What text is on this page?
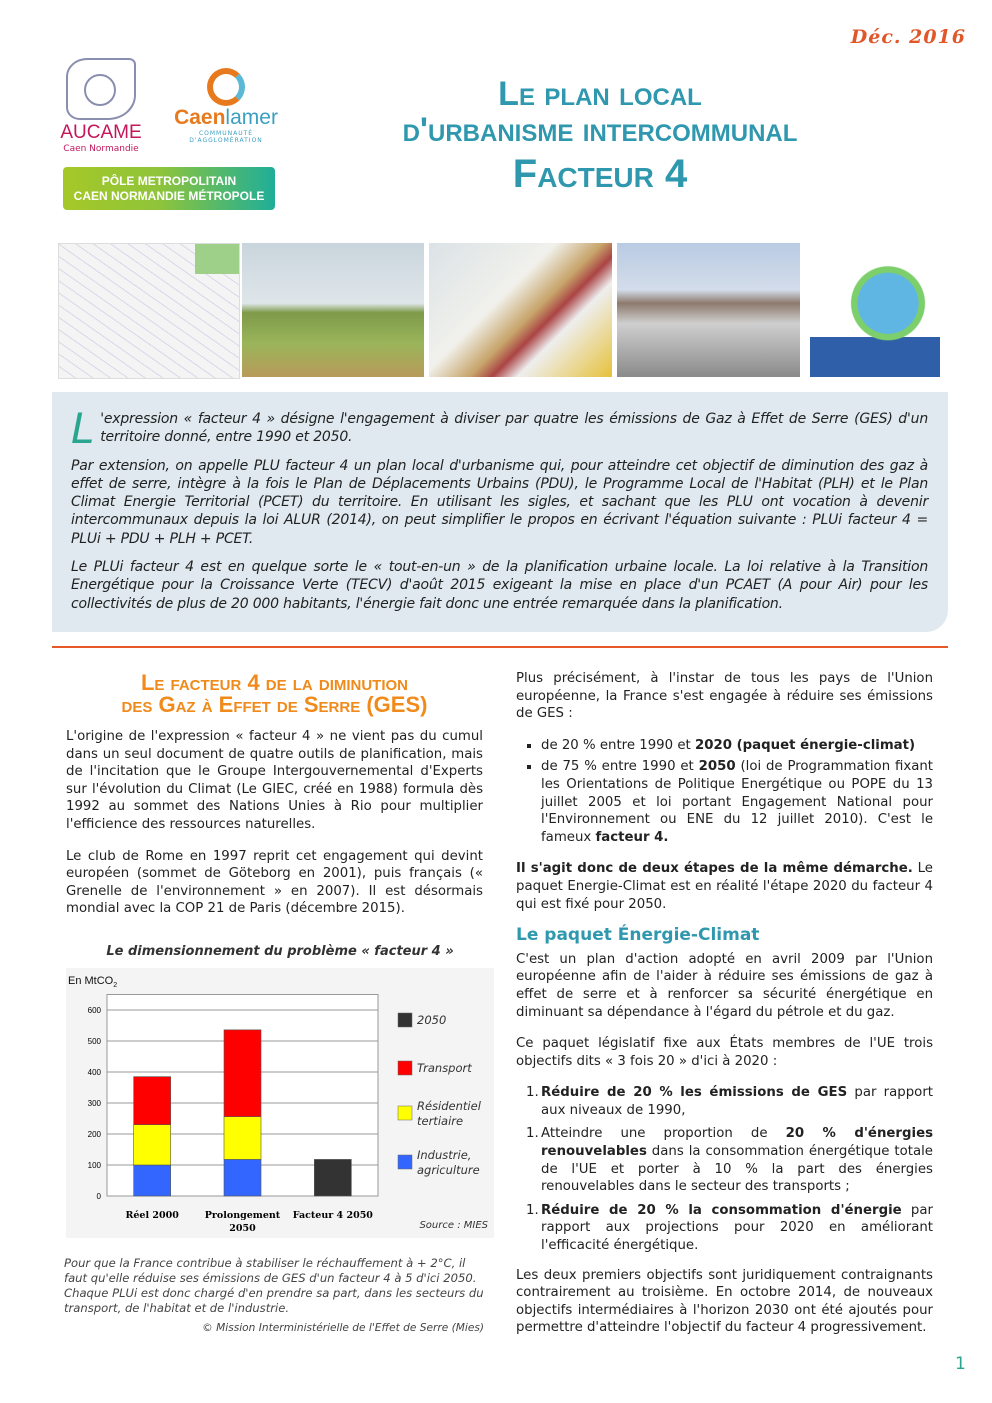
Déc. 2016
AUCAME
Caen Normandie
Caenlamer
COMMUNAUTÉ D'AGGLOMÉRATION
PÔLE METROPOLITAIN
CAEN NORMANDIE MÉTROPOLE
Le plan local
d'urbanisme intercommunal
Facteur 4

L 'expression « facteur 4 » désigne l'engagement à diviser par quatre les émissions de Gaz à Effet de Serre (GES) d'un territoire donné, entre 1990 et 2050.

Par extension, on appelle PLU facteur 4 un plan local d'urbanisme qui, pour atteindre cet objectif de diminution des gaz à effet de serre, intègre à la fois le Plan de Déplacements Urbains (PDU), le Programme Local de l'Habitat (PLH) et le Plan Climat Energie Territorial (PCET) du territoire. En utilisant les sigles, et sachant que les PLU ont vocation à devenir intercommunaux depuis la loi ALUR (2014), on peut simplifier le propos en écrivant l'équation suivante : PLUi facteur 4 = PLUi + PDU + PLH + PCET.

Le PLUi facteur 4 est en quelque sorte le « tout-en-un » de la planification urbaine locale. La loi relative à la Transition Energétique pour la Croissance Verte (TECV) d'août 2015 exigeant la mise en place d'un PCAET (A pour Air) pour les collectivités de plus de 20 000 habitants, l'énergie fait donc une entrée remarquée dans la planification.

Le facteur 4 de la diminution
des Gaz à Effet de Serre (GES)

L'origine de l'expression « facteur 4 » ne vient pas du cumul dans un seul document de quatre outils de planification, mais de l'incitation que le Groupe Intergouvernemental d'Experts sur l'évolution du Climat (Le GIEC, créé en 1988) formula dès 1992 au sommet des Nations Unies à Rio pour multiplier l'efficience des ressources naturelles.

Le club de Rome en 1997 reprit cet engagement qui devint européen (sommet de Göteborg en 2001), puis français (« Grenelle de l'environnement » en 2007). Il est désormais mondial avec la COP 21 de Paris (décembre 2015).

Le dimensionnement du problème « facteur 4 »
En MtCO$_2$
0
100
200
300
400
500
600
Réel 2000	Prolongement
2050
Facteur 4 2050
2050
Transport
Résidentiel
tertiaire
Industrie,
agriculture
Source : MIES
Pour que la France contribue à stabiliser le réchauffement à + 2°C, il faut qu'elle réduise ses émissions de GES d'un facteur 4 à 5 d'ici 2050. Chaque PLUi est donc chargé d'en prendre sa part, dans les secteurs du transport, de l'habitat et de l'industrie.
© Mission Interministérielle de l'Effet de Serre (Mies)

Plus précisément, à l'instar de tous les pays de l'Union européenne, la France s'est engagée à réduire ses émissions de GES :

▪ de 20 % entre 1990 et 2020 (paquet énergie-climat)
▪ de 75 % entre 1990 et 2050 (loi de Programmation fixant les Orientations de Politique Energétique ou POPE du 13 juillet 2005 et loi portant Engagement National pour l'Environnement ou ENE du 12 juillet 2010). C'est le fameux facteur 4.

Il s'agit donc de deux étapes de la même démarche. Le paquet Energie-Climat est en réalité l'étape 2020 du facteur 4 qui est fixé pour 2050.

Le paquet Énergie-Climat

C'est un plan d'action adopté en avril 2009 par l'Union européenne afin de l'aider à réduire ses émissions de gaz à effet de serre et à renforcer sa sécurité énergétique en diminuant sa dépendance à l'égard du pétrole et du gaz.

Ce paquet législatif fixe aux États membres de l'UE trois objectifs dits « 3 fois 20 » d'ici à 2020 :

1. Réduire de 20 % les émissions de GES par rapport aux niveaux de 1990,
1. Atteindre une proportion de 20 % d'énergies renouvelables dans la consommation énergétique totale de l'UE et porter à 10 % la part des énergies renouvelables dans le secteur des transports ;
1. Réduire de 20 % la consommation d'énergie par rapport aux projections pour 2020 en améliorant l'efficacité énergétique.

Les deux premiers objectifs sont juridiquement contraignants contrairement au troisième. En octobre 2014, de nouveaux objectifs intermédiaires à l'horizon 2030 ont été ajoutés pour permettre d'atteindre l'objectif du facteur 4 progressivement.

1
